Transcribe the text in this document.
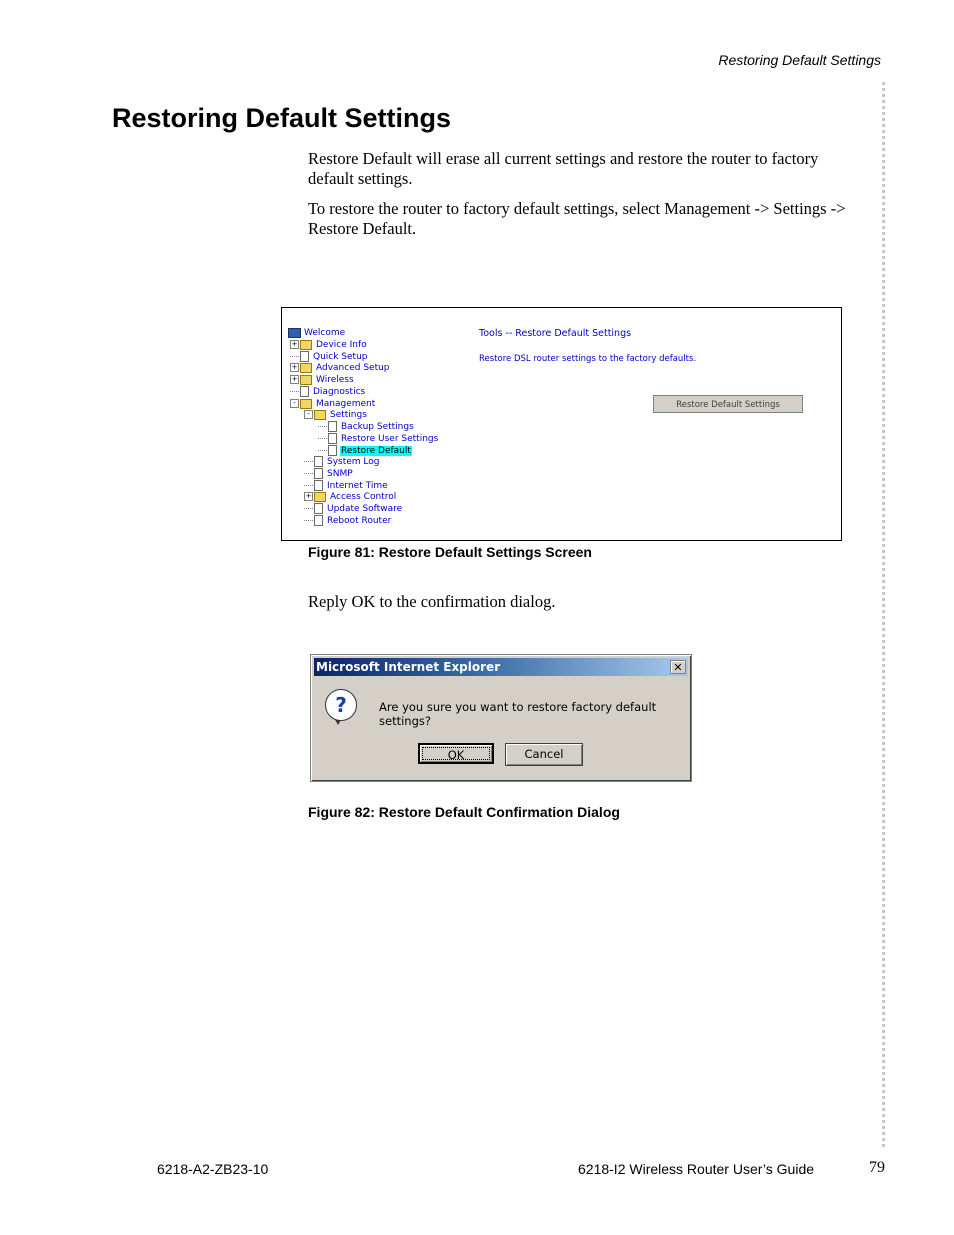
Restoring Default Settings
Restoring Default Settings

Restore Default will erase all current settings and restore the router to factory default settings.

To restore the router to factory default settings, select Management -> Settings -> Restore Default.

Welcome
+ Device Info
Quick Setup
+ Advanced Setup
+ Wireless
Diagnostics
- Management
- Settings
Backup Settings
Restore User Settings
Restore Default
System Log
SNMP
Internet Time
+ Access Control
Update Software
Reboot Router
Tools -- Restore Default Settings
Restore DSL router settings to the factory defaults.
Restore Default Settings
Figure 81: Restore Default Settings Screen

Reply OK to the confirmation dialog.

Microsoft Internet Explorer	✕
?	Are you sure you want to restore factory default settings?
OK	Cancel
Figure 82: Restore Default Confirmation Dialog
6218-A2-ZB23-10	6218-I2 Wireless Router User’s Guide	79
